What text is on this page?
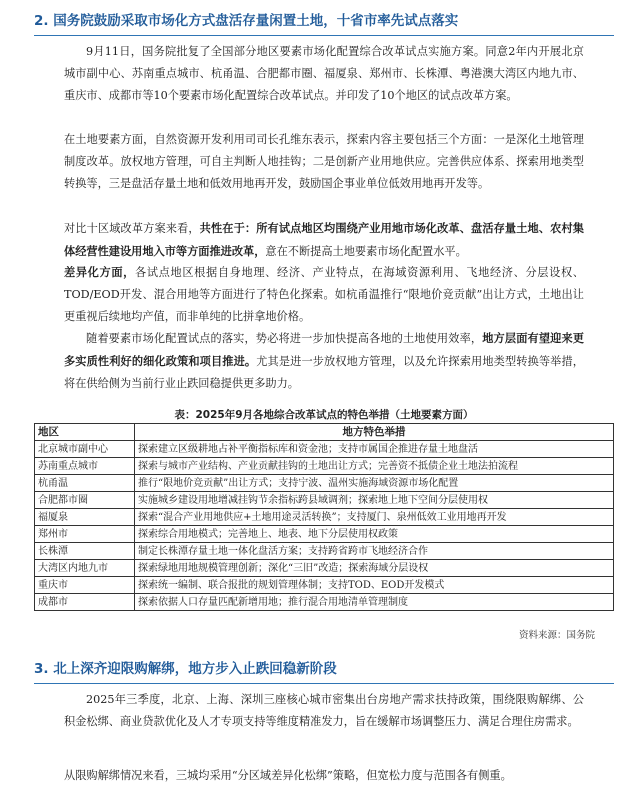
2. 国务院鼓励采取市场化方式盘活存量闲置土地，十省市率先试点落实

9月11日，国务院批复了全国部分地区要素市场化配置综合改革试点实施方案。同意2年内开展北京城市副中心、苏南重点城市、杭甬温、合肥都市圈、福厦泉、郑州市、长株潭、粤港澳大湾区内地九市、重庆市、成都市等10个要素市场化配置综合改革试点。并印发了10个地区的试点改革方案。

在土地要素方面，自然资源开发利用司司长孔维东表示，探索内容主要包括三个方面：一是深化土地管理制度改革。放权地方管理，可自主判断人地挂钩；二是创新产业用地供应。完善供应体系、探索用地类型转换等，三是盘活存量土地和低效用地再开发，鼓励国企事业单位低效用地再开发等。

对比十区域改革方案来看，共性在于：所有试点地区均围绕产业用地市场化改革、盘活存量土地、农村集体经营性建设用地入市等方面推进改革，意在不断提高土地要素市场化配置水平。

差异化方面，各试点地区根据自身地理、经济、产业特点，在海域资源利用、飞地经济、分层设权、TOD/EOD开发、混合用地等方面进行了特色化探索。如杭甬温推行“限地价竞贡献”出让方式，土地出让更重视后续地均产值，而非单纯的比拼拿地价格。

随着要素市场化配置试点的落实，势必将进一步加快提高各地的土地使用效率，地方层面有望迎来更多实质性利好的细化政策和项目推进。尤其是进一步放权地方管理，以及允许探索用地类型转换等举措，将在供给侧为当前行业止跌回稳提供更多助力。

表：2025年9月各地综合改革试点的特色举措（土地要素方面）
地区	地方特色举措
北京城市副中心	探索建立区级耕地占补平衡指标库和资金池；支持市属国企推进存量土地盘活
苏南重点城市	探索与城市产业结构、产业贡献挂钩的土地出让方式；完善资不抵债企业土地法拍流程
杭甬温	推行“限地价竞贡献”出让方式；支持宁波、温州实施海域资源市场化配置
合肥都市圈	实施城乡建设用地增减挂钩节余指标跨县域调剂；探索地上地下空间分层使用权
福厦泉	探索“混合产业用地供应+土地用途灵活转换”；支持厦门、泉州低效工业用地再开发
郑州市	探索综合用地模式；完善地上、地表、地下分层使用权政策
长株潭	制定长株潭存量土地一体化盘活方案；支持跨省跨市飞地经济合作
大湾区内地九市	探索绿地用地规模管理创新；深化“三旧”改造；探索海域分层设权
重庆市	探索统一编制、联合报批的规划管理体制；支持TOD、EOD开发模式
成都市	探索依据人口存量匹配新增用地；推行混合用地清单管理制度
资料来源：国务院
3. 北上深齐迎限购解绑，地方步入止跌回稳新阶段

2025年三季度，北京、上海、深圳三座核心城市密集出台房地产需求扶持政策，围绕限购解绑、公积金松绑、商业贷款优化及人才专项支持等维度精准发力，旨在缓解市场调整压力、满足合理住房需求。

从限购解绑情况来看，三城均采用“分区域差异化松绑”策略，但宽松力度与范围各有侧重。
